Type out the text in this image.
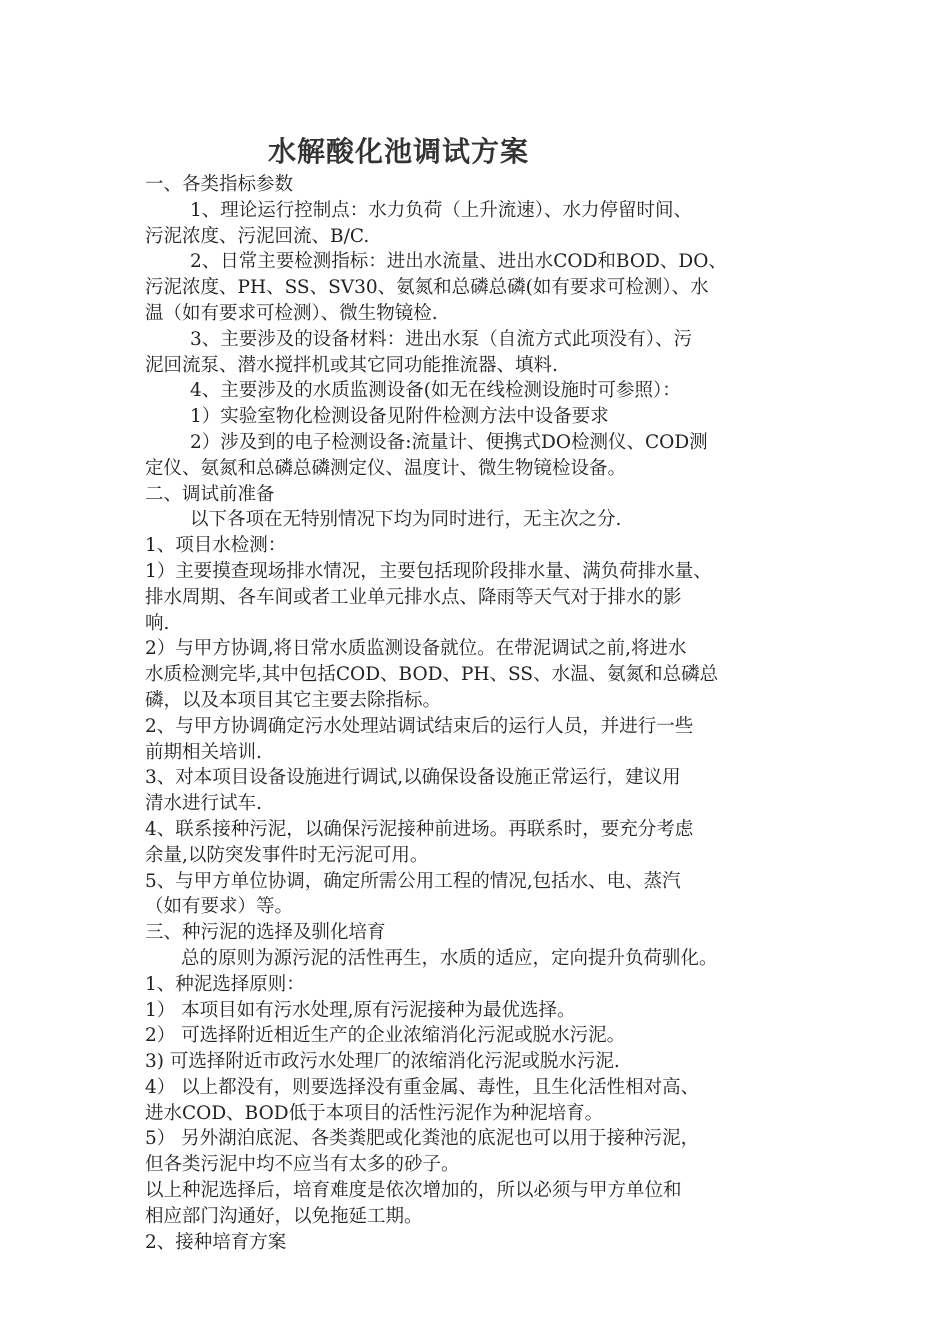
水解酸化池调试方案
一、各类指标参数
1、理论运行控制点：水力负荷（上升流速）、水力停留时间、
污泥浓度、污泥回流、B/C.
2、日常主要检测指标：进出水流量、进出水COD和BOD、DO、
污泥浓度、PH、SS、SV30、氨氮和总磷总磷(如有要求可检测）、水
温（如有要求可检测）、微生物镜检.
3、主要涉及的设备材料：进出水泵（自流方式此项没有）、污
泥回流泵、潜水搅拌机或其它同功能推流器、填料.
4、主要涉及的水质监测设备(如无在线检测设施时可参照）：
1）实验室物化检测设备见附件检测方法中设备要求
2）涉及到的电子检测设备:流量计、便携式DO检测仪、COD测
定仪、氨氮和总磷总磷测定仪、温度计、微生物镜检设备。
二、调试前准备
以下各项在无特别情况下均为同时进行，无主次之分.
1、项目水检测：
1）主要摸查现场排水情况，主要包括现阶段排水量、满负荷排水量、
排水周期、各车间或者工业单元排水点、降雨等天气对于排水的影
响.
2）与甲方协调,将日常水质监测设备就位。在带泥调试之前,将进水
水质检测完毕,其中包括COD、BOD、PH、SS、水温、氨氮和总磷总
磷，以及本项目其它主要去除指标。
2、与甲方协调确定污水处理站调试结束后的运行人员，并进行一些
前期相关培训.
3、对本项目设备设施进行调试,以确保设备设施正常运行，建议用
清水进行试车.
4、联系接种污泥，以确保污泥接种前进场。再联系时，要充分考虑
余量,以防突发事件时无污泥可用。
5、与甲方单位协调，确定所需公用工程的情况,包括水、电、蒸汽
（如有要求）等。
三、种污泥的选择及驯化培育
总的原则为源污泥的活性再生，水质的适应，定向提升负荷驯化。
1、种泥选择原则：
1） 本项目如有污水处理,原有污泥接种为最优选择。
2） 可选择附近相近生产的企业浓缩消化污泥或脱水污泥。
3) 可选择附近市政污水处理厂的浓缩消化污泥或脱水污泥.
4） 以上都没有，则要选择没有重金属、毒性，且生化活性相对高、
进水COD、BOD低于本项目的活性污泥作为种泥培育。
5） 另外湖泊底泥、各类粪肥或化粪池的底泥也可以用于接种污泥，
但各类污泥中均不应当有太多的砂子。
以上种泥选择后，培育难度是依次增加的，所以必须与甲方单位和
相应部门沟通好，以免拖延工期。
2、接种培育方案
